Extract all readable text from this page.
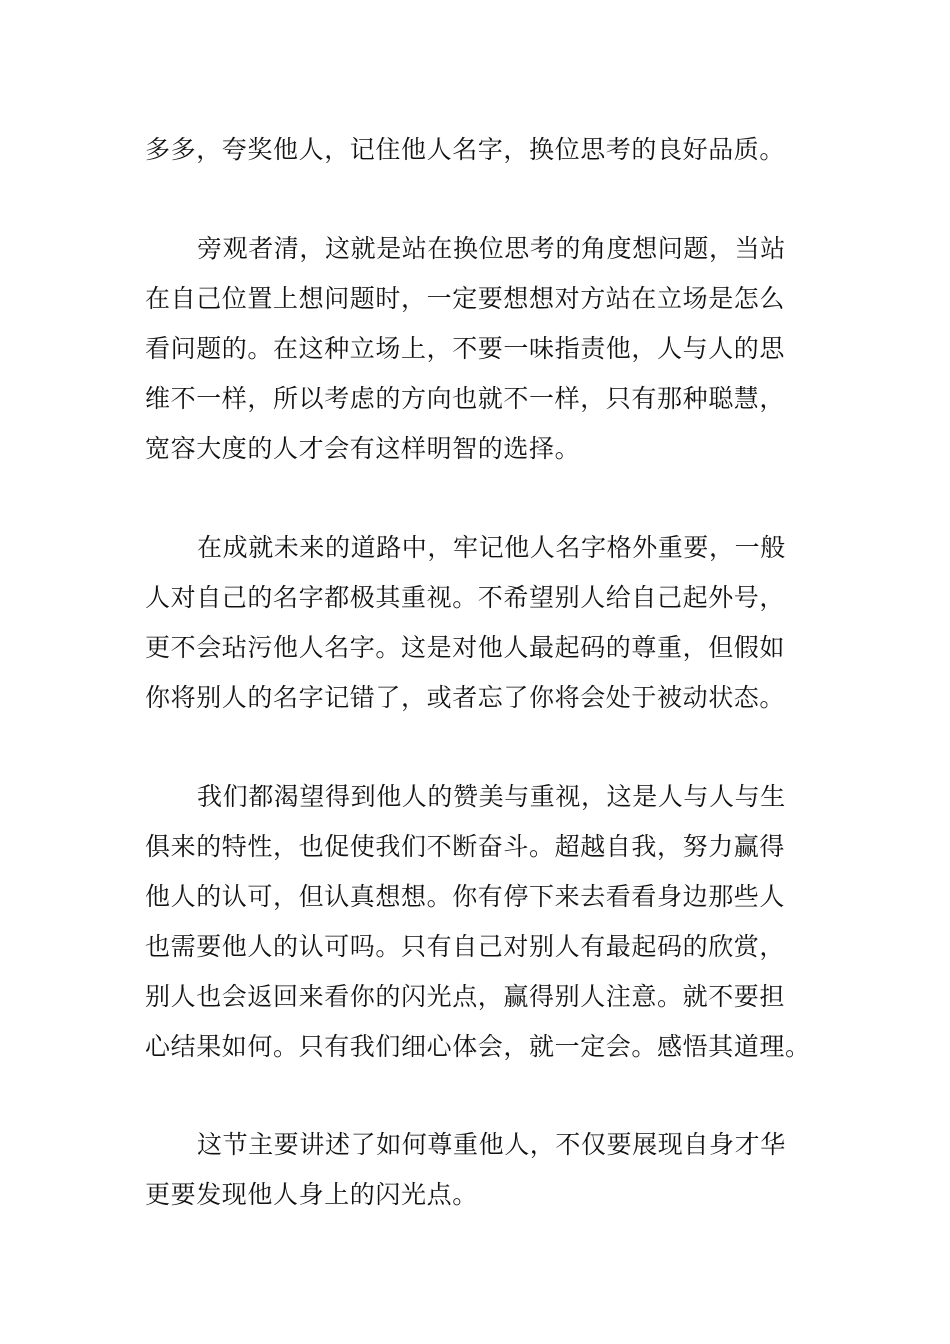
多多，夸奖他人，记住他人名字，换位思考的良好品质。
旁观者清，这就是站在换位思考的角度想问题，当站
在自己位置上想问题时，一定要想想对方站在立场是怎么
看问题的。在这种立场上，不要一味指责他，人与人的思
维不一样，所以考虑的方向也就不一样，只有那种聪慧，
宽容大度的人才会有这样明智的选择。
在成就未来的道路中，牢记他人名字格外重要，一般
人对自己的名字都极其重视。不希望别人给自己起外号，
更不会玷污他人名字。这是对他人最起码的尊重，但假如
你将别人的名字记错了，或者忘了你将会处于被动状态。
我们都渴望得到他人的赞美与重视，这是人与人与生
俱来的特性，也促使我们不断奋斗。超越自我，努力赢得
他人的认可，但认真想想。你有停下来去看看身边那些人
也需要他人的认可吗。只有自己对别人有最起码的欣赏，
别人也会返回来看你的闪光点，赢得别人注意。就不要担
心结果如何。只有我们细心体会，就一定会。感悟其道理。
这节主要讲述了如何尊重他人，不仅要展现自身才华
更要发现他人身上的闪光点。
